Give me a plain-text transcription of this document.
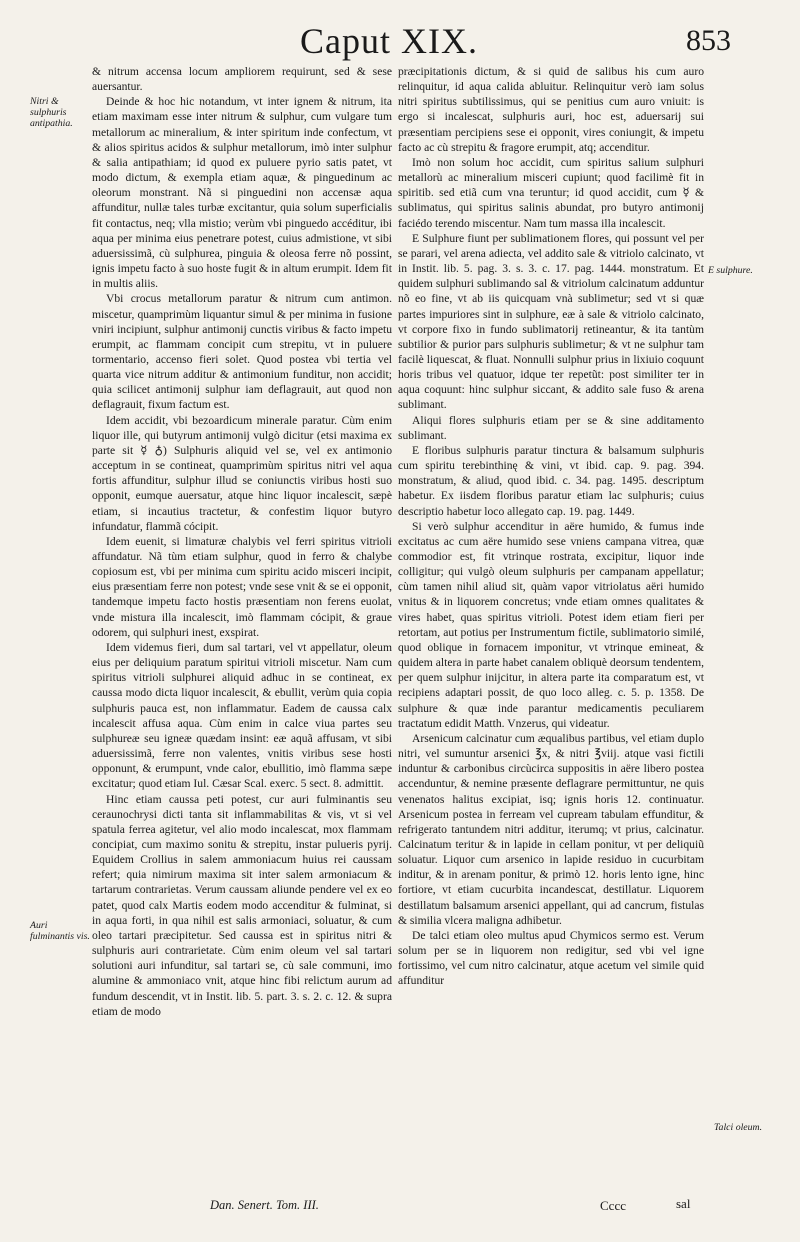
Caput XIX.	853
Nitri & sulphuris antipathia.
E sulphure.
Auri fulminantis vis.
Talci oleum.

& nitrum accensa locum ampliorem requirunt, sed & sese auersantur.

Deinde & hoc hic notandum, vt inter ignem & nitrum, ita etiam maximam esse inter nitrum & sulphur, cum vulgare tum metallorum ac mineralium, & inter spiritum inde confectum, vt & alios spiritus acidos & sulphur metallorum, imò inter sulphur & salia antipathiam; id quod ex puluere pyrio satis patet, vt modo dictum, & exempla etiam aquæ, & pinguedinum ac oleorum monstrant. Nã si pinguedini non accensæ aqua affunditur, nullæ tales turbæ excitantur, quia solum superficialis fit contactus, neq; vlla mistio; verùm vbi pinguedo accéditur, ibi aqua per minima eius penetrare potest, cuius admistione, vt sibi aduersissimã, cù sulphurea, pinguia & oleosa ferre nõ possint, ignis impetu facto à suo hoste fugit & in altum erumpit. Idem fit in multis aliis.

Vbi crocus metallorum paratur & nitrum cum antimon. miscetur, quamprimùm liquantur simul & per minima in fusione vniri incipiunt, sulphur antimonij cunctis viribus & facto impetu erumpit, ac flammam concipit cum strepitu, vt in puluere tormentario, accenso fieri solet. Quod postea vbi tertia vel quarta vice nitrum additur & antimonium funditur, non accidit; quia scilicet antimonij sulphur iam deflagrauit, aut quod non deflagrauit, fixum factum est.

Idem accidit, vbi bezoardicum minerale paratur. Cùm enim liquor ille, qui butyrum antimonij vulgò dicitur (etsi maxima ex parte sit ☿ ♁) Sulphuris aliquid vel se, vel ex antimonio acceptum in se contineat, quamprimùm spiritus nitri vel aqua fortis affunditur, sulphur illud se coniunctis viribus hosti suo opponit, eumque auersatur, atque hinc liquor incalescit, sæpè etiam, si incautius tractetur, & confestim liquor butyro infundatur, flammã cócipit.

Idem euenit, si limaturæ chalybis vel ferri spiritus vitrioli affundatur. Nã tùm etiam sulphur, quod in ferro & chalybe copiosum est, vbi per minima cum spiritu acido misceri incipit, eius præsentiam ferre non potest; vnde sese vnit & se ei opponit, tandemque impetu facto hostis præsentiam non ferens euolat, vnde mistura illa incalescit, imò flammam cócipit, & graue odorem, qui sulphuri inest, exspirat.

Idem videmus fieri, dum sal tartari, vel vt appellatur, oleum eius per deliquium paratum spiritui vitrioli miscetur. Nam cum spiritus vitrioli sulphurei aliquid adhuc in se contineat, ex caussa modo dicta liquor incalescit, & ebullit, verùm quia copia sulphuris pauca est, non inflammatur. Eadem de caussa calx incalescit affusa aqua. Cùm enim in calce viua partes seu sulphureæ seu igneæ quædam insint: eæ aquã affusam, vt sibi aduersissimã, ferre non valentes, vnitis viribus sese hosti opponunt, & erumpunt, vnde calor, ebullitio, imò flamma sæpe excitatur; quod etiam Iul. Cæsar Scal. exerc. 5 sect. 8. admittit.

Hinc etiam caussa peti potest, cur auri fulminantis seu ceraunochrysi dicti tanta sit inflammabilitas & vis, vt si vel spatula ferrea agitetur, vel alio modo incalescat, mox flammam concipiat, cum maximo sonitu & strepitu, instar pulueris pyrij. Equidem Crollius in salem ammoniacum huius rei caussam refert; quia nimirum maxima sit inter salem armoniacum & tartarum contrarietas. Verum caussam aliunde pendere vel ex eo patet, quod calx Martis eodem modo accenditur & fulminat, si in aqua forti, in qua nihil est salis armoniaci, soluatur, & cum oleo tartari præcipitetur. Sed caussa est in spiritus nitri & sulphuris auri contrarietate. Cùm enim oleum vel sal tartari solutioni auri infunditur, sal tartari se, cù sale communi, imo alumine & ammoniaco vnit, atque hinc fibi relictum aurum ad fundum descendit, vt in Instit. lib. 5. part. 3. s. 2. c. 12. & supra etiam de modo

præcipitationis dictum, & si quid de salibus his cum auro relinquitur, id aqua calida abluitur. Relinquitur verò iam solus nitri spiritus subtilissimus, qui se penitius cum auro vniuit: is ergo si incalescat, sulphuris auri, hoc est, aduersarij sui præsentiam percipiens sese ei opponit, vires coniungit, & impetu facto ac cù strepitu & fragore erumpit, atq; accenditur.

Imò non solum hoc accidit, cum spiritus salium sulphuri metallorù ac mineralium misceri cupiunt; quod facilimè fit in spiritib. sed etiã cum vna teruntur; id quod accidit, cum ☿ & sublimatus, qui spiritus salinis abundat, pro butyro antimonij faciédo terendo miscentur. Nam tum massa illa incalescit.

E Sulphure fiunt per sublimationem flores, qui possunt vel per se parari, vel arena adiecta, vel addito sale & vitriolo calcinato, vt in Instit. lib. 5. pag. 3. s. 3. c. 17. pag. 1444. monstratum. Et quidem sulphuri sublimando sal & vitriolum calcinatum adduntur nõ eo fine, vt ab iis quicquam vnà sublimetur; sed vt si quæ partes impuriores sint in sulphure, eæ à sale & vitriolo calcinato, vt corpore fixo in fundo sublimatorij retineantur, & ita tantùm subtilior & purior pars sulphuris sublimetur; & vt ne sulphur tam facilè liquescat, & fluat. Nonnulli sulphur prius in lixiuio coquunt horis tribus vel quatuor, idque ter repetũt: post similiter ter in aqua coquunt: hinc sulphur siccant, & addito sale fuso & arena sublimant.

Aliqui flores sulphuris etiam per se & sine additamento sublimant.

E floribus sulphuris paratur tinctura & balsamum sulphuris cum spiritu terebinthinę & vini, vt ibid. cap. 9. pag. 394. monstratum, & aliud, quod ibid. c. 34. pag. 1495. descriptum habetur. Ex iisdem floribus paratur etiam lac sulphuris; cuius descriptio habetur loco allegato cap. 19. pag. 1449.

Si verò sulphur accenditur in aëre humido, & fumus inde excitatus ac cum aëre humido sese vniens campana vitrea, quæ commodior est, fit vtrinque rostrata, excipitur, liquor inde colligitur; qui vulgò oleum sulphuris per campanam appellatur; cùm tamen nihil aliud sit, quàm vapor vitriolatus aëri humido vnitus & in liquorem concretus; vnde etiam omnes qualitates & vires habet, quas spiritus vitrioli. Potest idem etiam fieri per retortam, aut potius per Instrumentum fictile, sublimatorio similé, quod oblique in fornacem imponitur, vt vtrinque emineat, & quidem altera in parte habet canalem obliquè deorsum tendentem, per quem sulphur inijcitur, in altera parte ita comparatum est, vt recipiens adaptari possit, de quo loco alleg. c. 5. p. 1358. De sulphure & quæ inde parantur medicamentis peculiarem tractatum edidit Matth. Vnzerus, qui videatur.

Arsenicum calcinatur cum æqualibus partibus, vel etiam duplo nitri, vel sumuntur arsenici ℥x, & nitri ℥viij. atque vasi fictili induntur & carbonibus circùcirca suppositis in aëre libero postea accenduntur, & nemine præsente deflagrare permittuntur, ne quis venenatos halitus excipiat, isq; ignis horis 12. continuatur. Arsenicum postea in ferream vel cupream tabulam effunditur, & refrigerato tantundem nitri additur, iterumq; vt prius, calcinatur. Calcinatum teritur & in lapide in cellam ponitur, vt per deliquiũ soluatur. Liquor cum arsenico in lapide residuo in cucurbitam inditur, & in arenam ponitur, & primò 12. horis lento igne, hinc fortiore, vt etiam cucurbita incandescat, destillatur. Liquorem destillatum balsamum arsenici appellant, qui ad cancrum, fistulas & similia vlcera maligna adhibetur.

De talci etiam oleo multus apud Chymicos sermo est. Verum solum per se in liquorem non redigitur, sed vbi vel igne fortissimo, vel cum nitro calcinatur, atque acetum vel simile quid affunditur

Dan. Senert. Tom. III.	Cccc	sal
